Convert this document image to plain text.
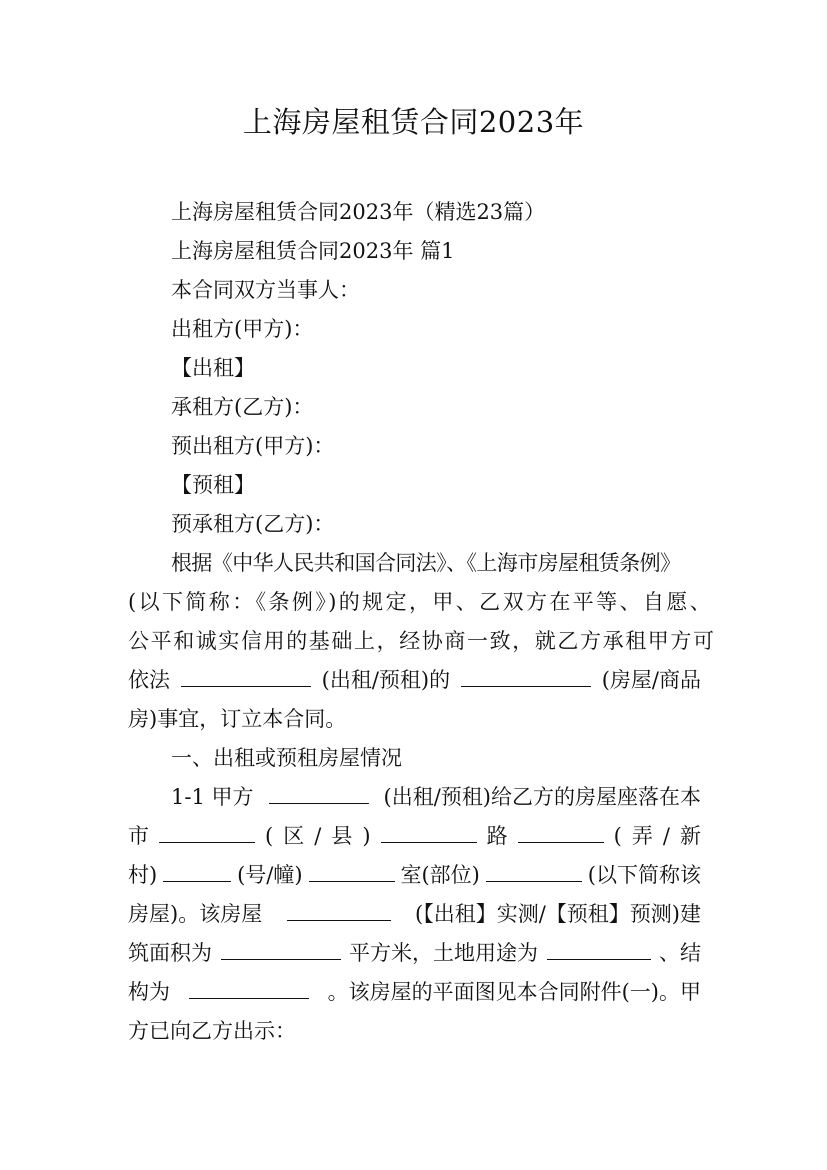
上海房屋租赁合同2023年
上海房屋租赁合同2023年（精选23篇）
上海房屋租赁合同2023年 篇1
本合同双方当事人：
出租方(甲方)：
【出租】
承租方(乙方)：
预出租方(甲方)：
【预租】
预承租方(乙方)：
根据《中华人民共和国合同法》、《上海市房屋租赁条例》
(以下简称：《条例》)的规定，甲、乙双方在平等、自愿、
公平和诚实信用的基础上，经协商一致，就乙方承租甲方可
依法	(出租/预租)的	(房屋/商品
房)事宜，订立本合同。
一、出租或预租房屋情况
1-1 甲方	(出租/预租)给乙方的房屋座落在本
市	( 区 / 县 )	路	( 弄 / 新
村)	(号/幢)	室(部位)	(以下简称该
房屋)。该房屋	(【出租】实测/【预租】预测)建
筑面积为	平方米，土地用途为	、结
构为	。该房屋的平面图见本合同附件(一)。甲
方已向乙方出示：
